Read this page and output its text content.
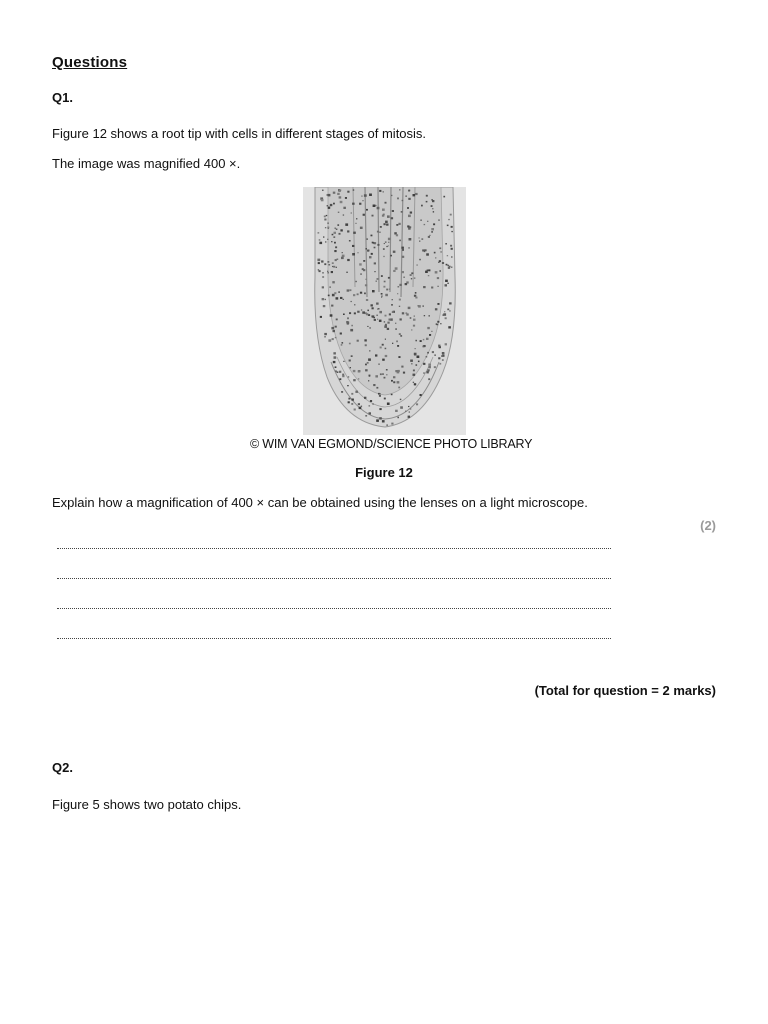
Questions
Q1.
Figure 12 shows a root tip with cells in different stages of mitosis.
The image was magnified 400 ×.
© WIM VAN EGMOND/SCIENCE PHOTO LIBRARY
Figure 12
Explain how a magnification of 400 × can be obtained using the lenses on a light microscope.
(2)
(Total for question = 2 marks)
Q2.
Figure 5 shows two potato chips.
